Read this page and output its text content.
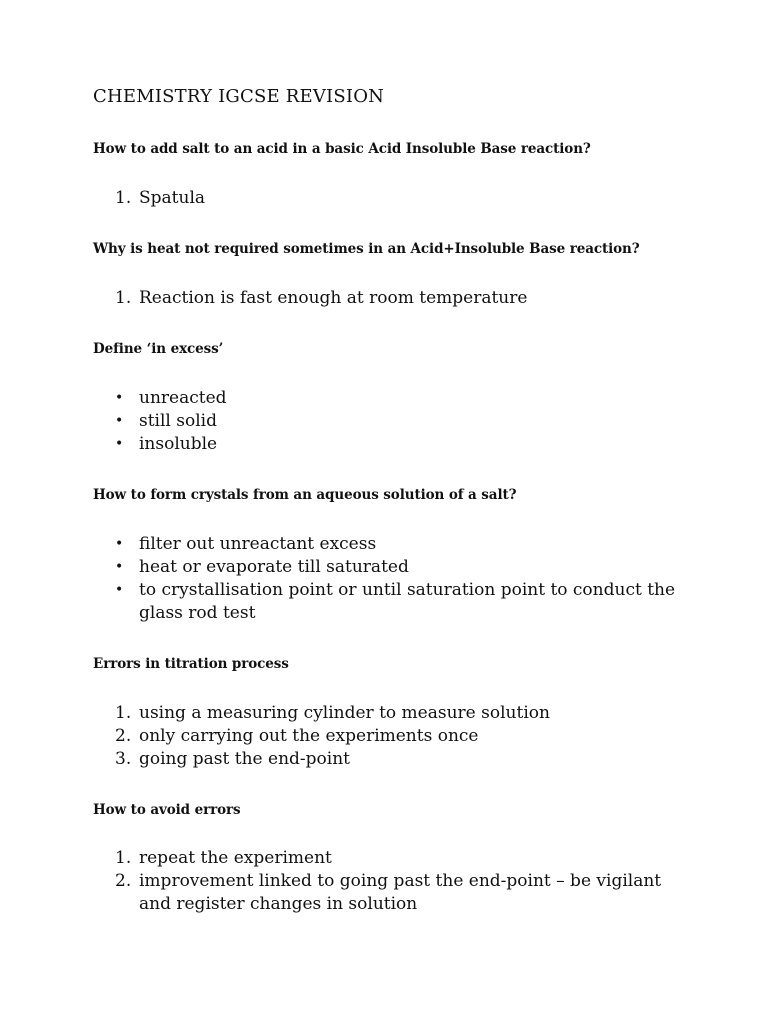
CHEMISTRY IGCSE REVISION
How to add salt to an acid in a basic Acid Insoluble Base reaction?
1. Spatula
Why is heat not required sometimes in an Acid+Insoluble Base reaction?
1. Reaction is fast enough at room temperature
Define ‘in excess’
• unreacted
• still solid
• insoluble
How to form crystals from an aqueous solution of a salt?
• filter out unreactant excess
• heat or evaporate till saturated
• to crystallisation point or until saturation point to conduct the glass rod test
Errors in titration process
1. using a measuring cylinder to measure solution
2. only carrying out the experiments once
3. going past the end-point
How to avoid errors
1. repeat the experiment
2. improvement linked to going past the end-point – be vigilant and register changes in solution
